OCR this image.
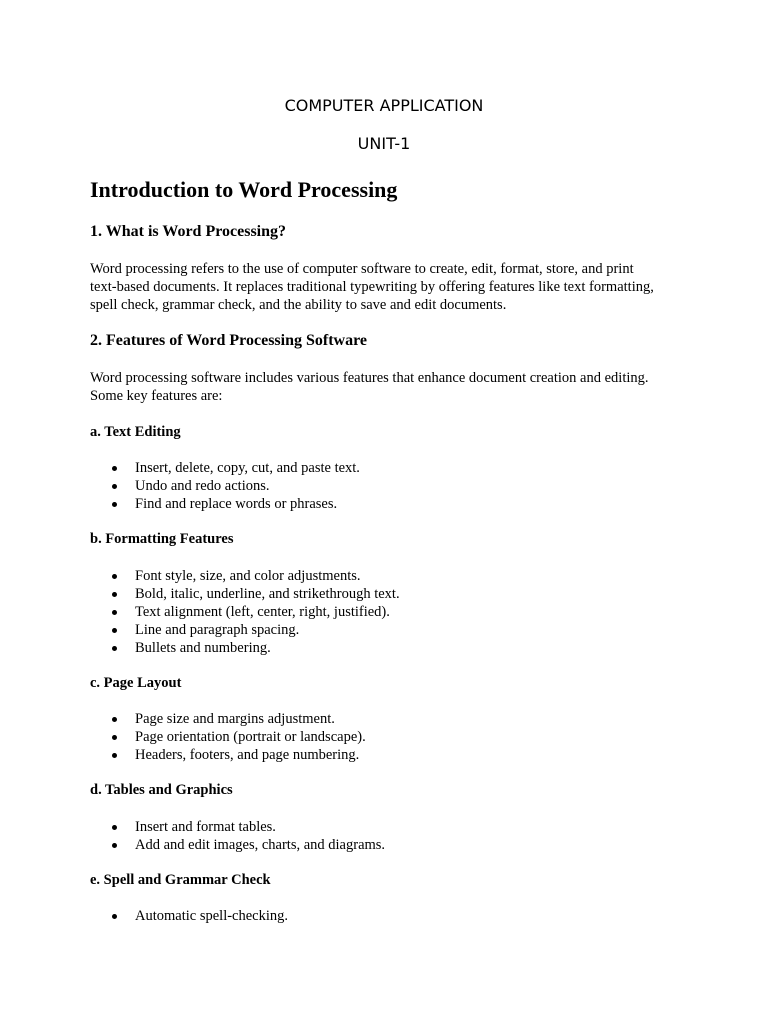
COMPUTER APPLICATION
UNIT-1
Introduction to Word Processing
1. What is Word Processing?
Word processing refers to the use of computer software to create, edit, format, store, and print
text-based documents. It replaces traditional typewriting by offering features like text formatting,
spell check, grammar check, and the ability to save and edit documents.
2. Features of Word Processing Software
Word processing software includes various features that enhance document creation and editing.
Some key features are:
a. Text Editing
Insert, delete, copy, cut, and paste text.
Undo and redo actions.
Find and replace words or phrases.
b. Formatting Features
Font style, size, and color adjustments.
Bold, italic, underline, and strikethrough text.
Text alignment (left, center, right, justified).
Line and paragraph spacing.
Bullets and numbering.
c. Page Layout
Page size and margins adjustment.
Page orientation (portrait or landscape).
Headers, footers, and page numbering.
d. Tables and Graphics
Insert and format tables.
Add and edit images, charts, and diagrams.
e. Spell and Grammar Check
Automatic spell-checking.
